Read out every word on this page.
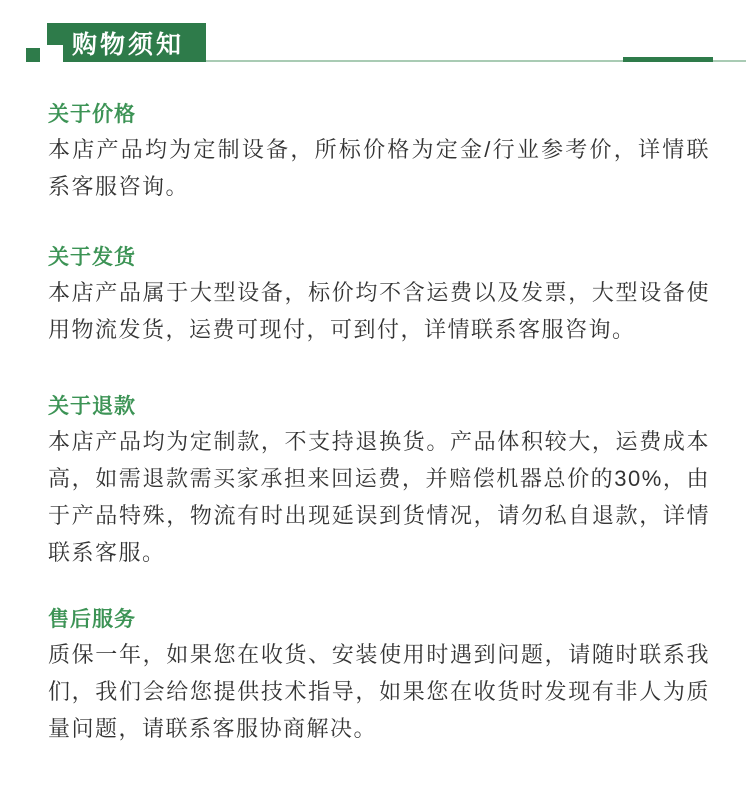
购物须知
关于价格

本店产品均为定制设备，所标价格为定金/行业参考价，详情联系客服咨询。

关于发货

本店产品属于大型设备，标价均不含运费以及发票，大型设备使用物流发货，运费可现付，可到付，详情联系客服咨询。

关于退款

本店产品均为定制款，不支持退换货。产品体积较大，运费成本高，如需退款需买家承担来回运费，并赔偿机器总价的30%，由于产品特殊，物流有时出现延误到货情况，请勿私自退款，详情联系客服。

售后服务

质保一年，如果您在收货、安装使用时遇到问题，请随时联系我们，我们会给您提供技术指导，如果您在收货时发现有非人为质量问题，请联系客服协商解决。
